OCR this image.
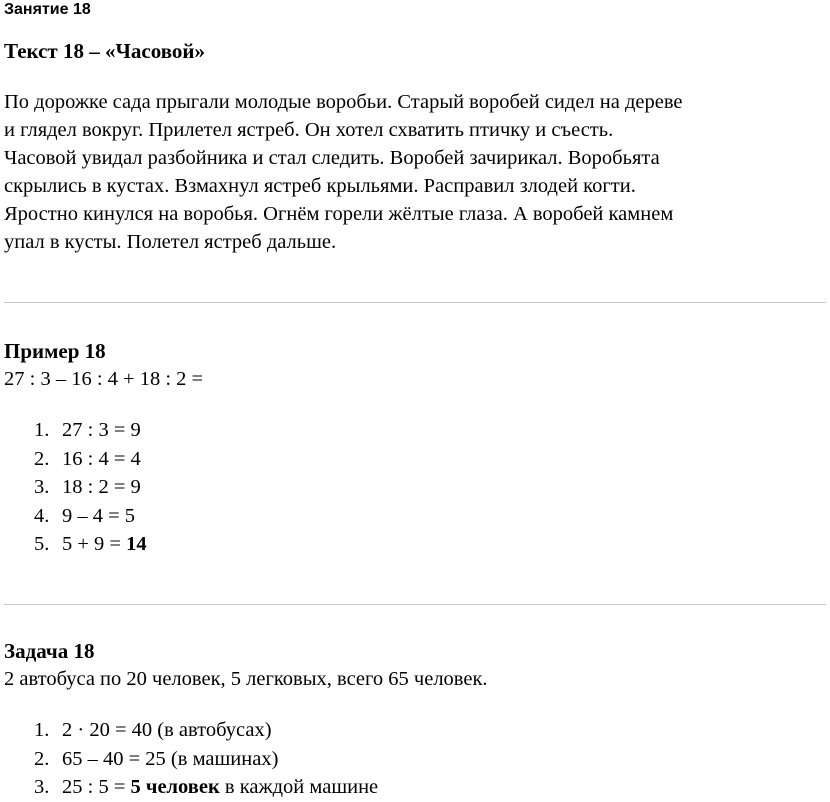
Занятие 18
Текст 18 – «Часовой»
По дорожке сада прыгали молодые воробьи. Старый воробей сидел на дереве
и глядел вокруг. Прилетел ястреб. Он хотел схватить птичку и съесть.
Часовой увидал разбойника и стал следить. Воробей зачирикал. Воробьята
скрылись в кустах. Взмахнул ястреб крыльями. Расправил злодей когти.
Яростно кинулся на воробья. Огнём горели жёлтые глаза. А воробей камнем
упал в кусты. Полетел ястреб дальше.
Пример 18
27 : 3 – 16 : 4 + 18 : 2 =
1. 27 : 3 = 9
2. 16 : 4 = 4
3. 18 : 2 = 9
4. 9 – 4 = 5
5. 5 + 9 = 14
Задача 18
2 автобуса по 20 человек, 5 легковых, всего 65 человек.
1. 2 · 20 = 40 (в автобусах)
2. 65 – 40 = 25 (в машинах)
3. 25 : 5 = 5 человек в каждой машине
